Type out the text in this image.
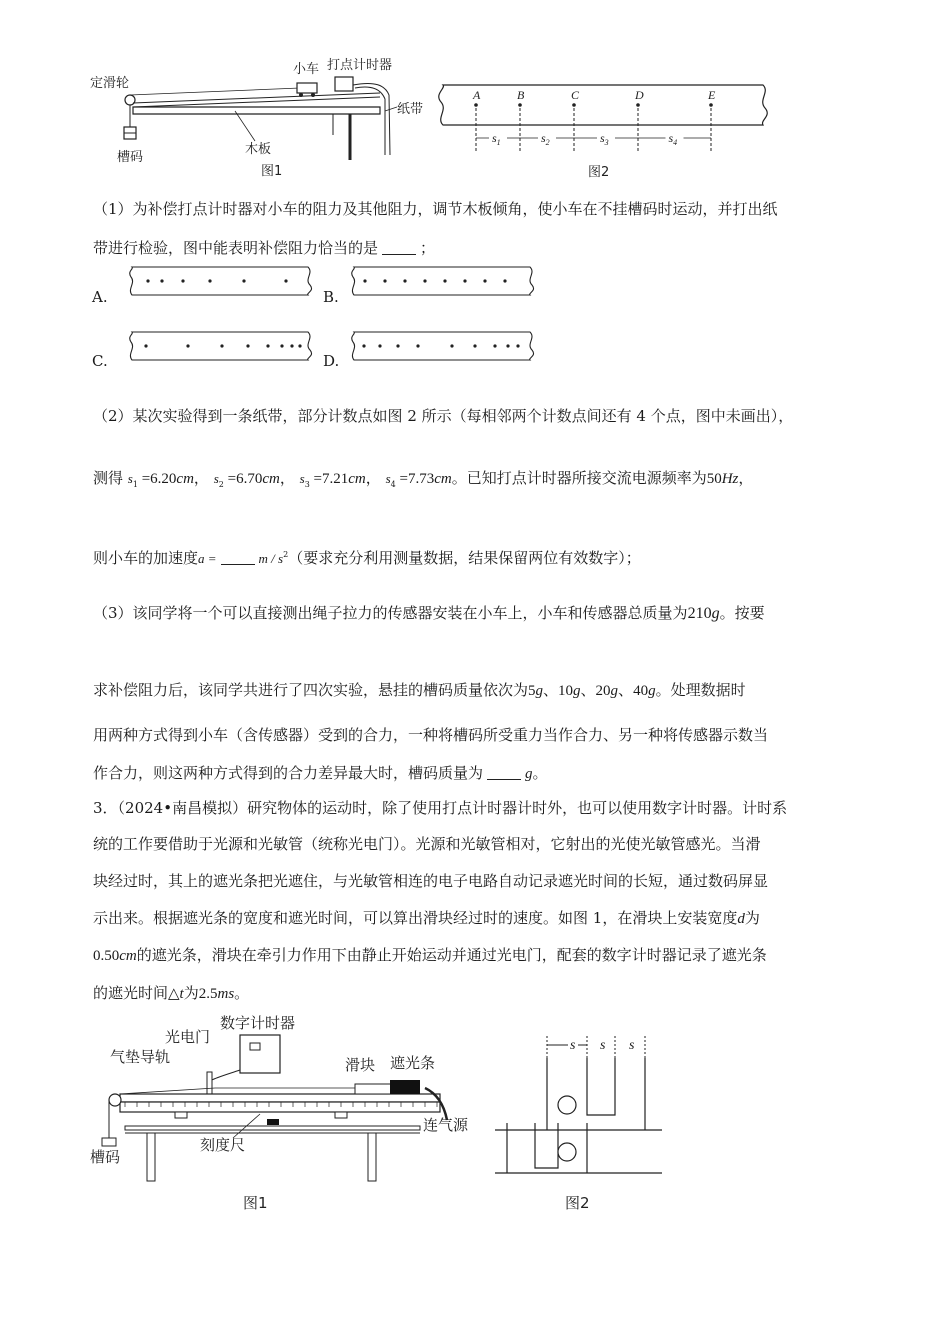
定滑轮
小车 打点计时器
纸带
槽码
木板
图1
A	B	C	D	E
$s_1$	$s_2$	$s_3$	$s_4$
图2
（1）为补偿打点计时器对小车的阻力及其他阻力，调节木板倾角，使小车在不挂槽码时运动，并打出纸
带进行检验，图中能表明补偿阻力恰当的是	；
A.	B.
C.	D.
（2）某次实验得到一条纸带，部分计数点如图 2 所示（每相邻两个计数点间还有 4 个点，图中未画出），
测得 $s_1 =6.20cm$， $s_2 =6.70cm$， $s_3 =7.21cm$， $s_4 =7.73cm$。已知打点计时器所接交流电源频率为50Hz，
则小车的加速度a =	m / $s^2$（要求充分利用测量数据，结果保留两位有效数字）；
（3）该同学将一个可以直接测出绳子拉力的传感器安装在小车上，小车和传感器总质量为210g。按要
求补偿阻力后，该同学共进行了四次实验，悬挂的槽码质量依次为5g、10g、20g、40g。处理数据时
用两种方式得到小车（含传感器）受到的合力，一种将槽码所受重力当作合力、另一种将传感器示数当
作合力，则这两种方式得到的合力差异最大时，槽码质量为	g。
3．（2024•南昌模拟）研究物体的运动时，除了使用打点计时器计时外，也可以使用数字计时器。计时系
统的工作要借助于光源和光敏管（统称光电门）。光源和光敏管相对，它射出的光使光敏管感光。当滑
块经过时，其上的遮光条把光遮住，与光敏管相连的电子电路自动记录遮光时间的长短，通过数码屏显
示出来。根据遮光条的宽度和遮光时间，可以算出滑块经过时的速度。如图 1，在滑块上安装宽度d为
0.50cm的遮光条，滑块在牵引力作用下由静止开始运动并通过光电门，配套的数字计时器记录了遮光条
的遮光时间△t为2.5ms。
数字计时器
光电门
气垫导轨	滑块 遮光条
槽码
刻度尺
连气源
图1
s s s
图2
